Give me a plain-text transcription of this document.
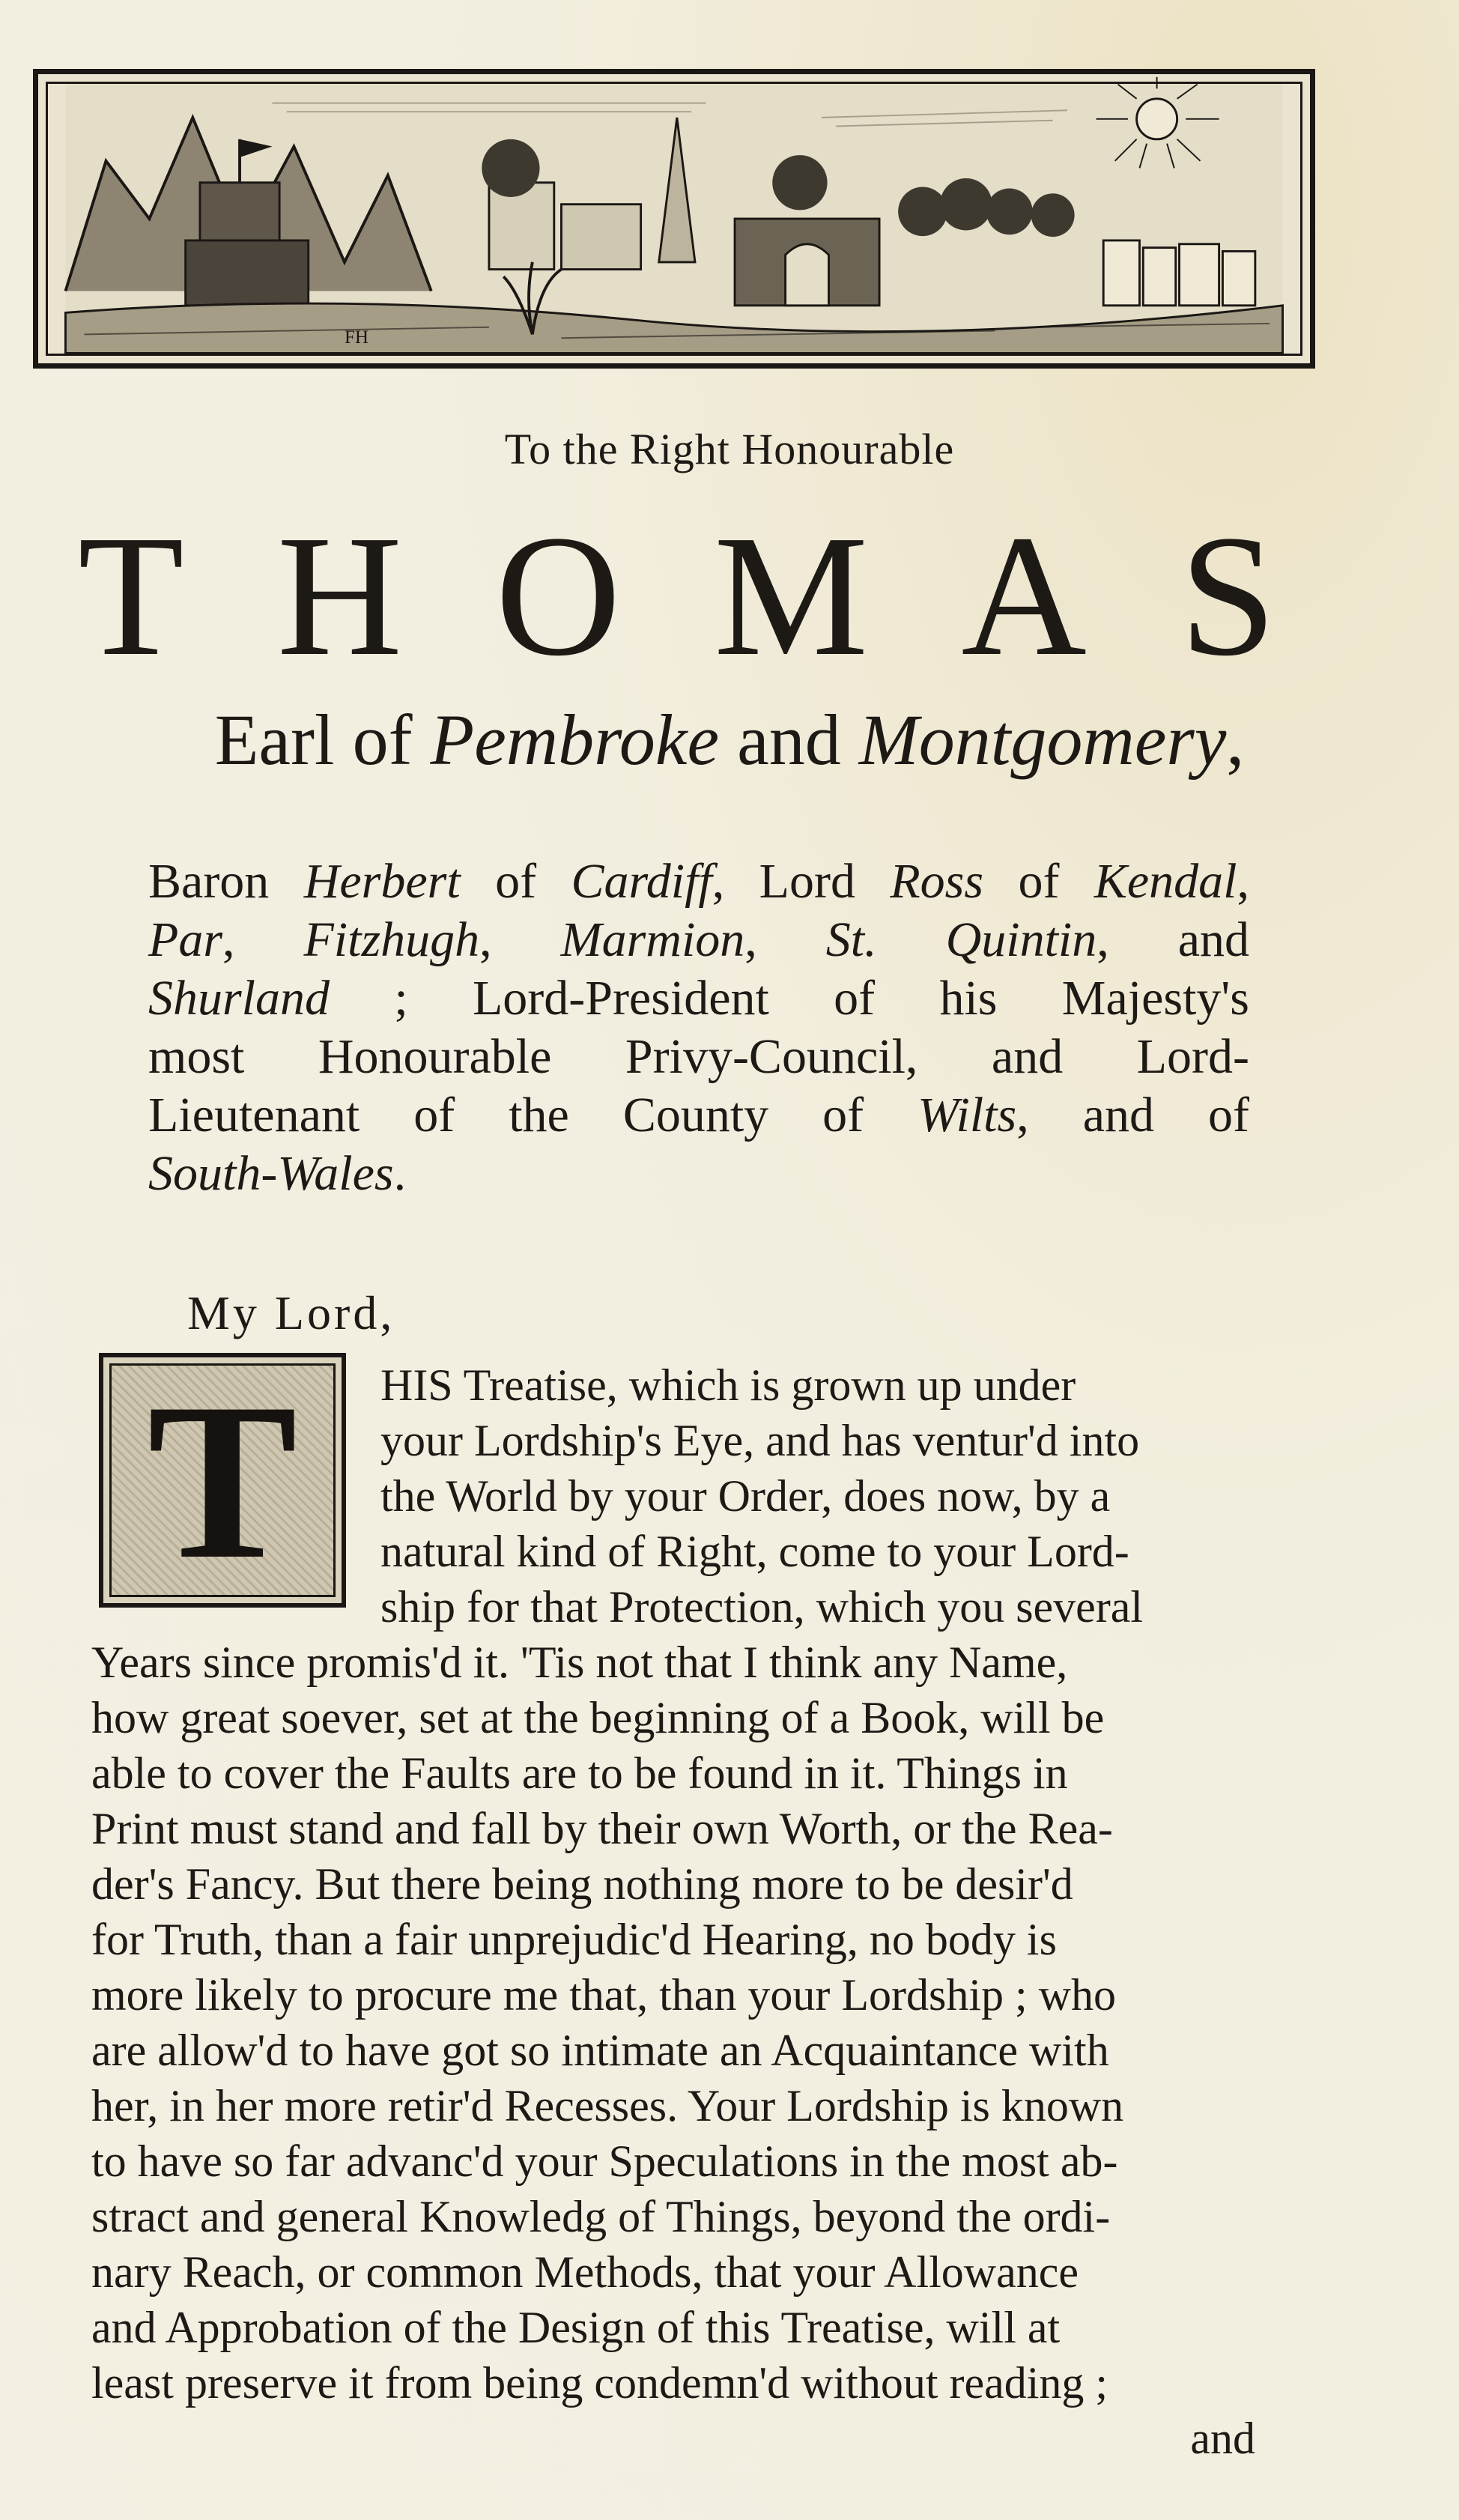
FH
To the Right Honourable
T H O M A S
Earl of Pembroke and Montgomery,
Baron Herbert of Cardiff, Lord Ross of Kendal,
Par, Fitzhugh, Marmion, St. Quintin, and
Shurland ; Lord-President of his Majesty's
most Honourable Privy-Council, and Lord-
Lieutenant of the County of Wilts, and of
South-Wales.
My Lord,
T	HIS Treatise, which is grown up under
your Lordship's Eye, and has ventur'd into
the World by your Order, does now, by a
natural kind of Right, come to your Lord-
ship for that Protection, which you several
Years since promis'd it. 'Tis not that I think any Name,
how great soever, set at the beginning of a Book, will be
able to cover the Faults are to be found in it. Things in
Print must stand and fall by their own Worth, or the Rea-
der's Fancy. But there being nothing more to be desir'd
for Truth, than a fair unprejudic'd Hearing, no body is
more likely to procure me that, than your Lordship ; who
are allow'd to have got so intimate an Acquaintance with
her, in her more retir'd Recesses. Your Lordship is known
to have so far advanc'd your Speculations in the most ab-
stract and general Knowledg of Things, beyond the ordi-
nary Reach, or common Methods, that your Allowance
and Approbation of the Design of this Treatise, will at
least preserve it from being condemn'd without reading ;
and
